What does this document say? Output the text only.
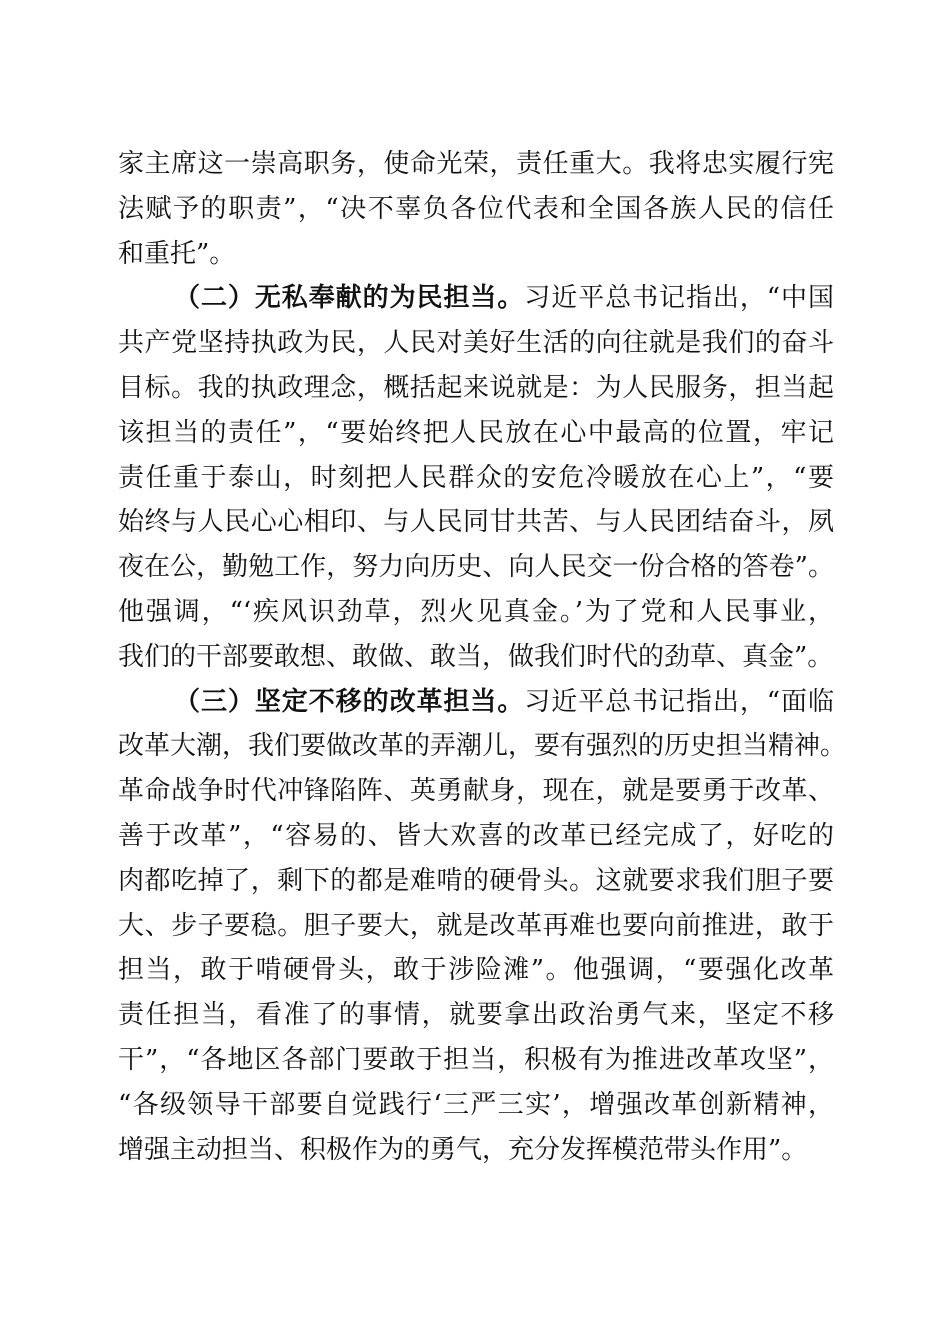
家主席这一崇高职务，使命光荣，责任重大。我将忠实履行宪
法赋予的职责”，“决不辜负各位代表和全国各族人民的信任
和重托”。
（二）无私奉献的为民担当。习近平总书记指出，“中国
共产党坚持执政为民，人民对美好生活的向往就是我们的奋斗
目标。我的执政理念，概括起来说就是：为人民服务，担当起
该担当的责任”，“要始终把人民放在心中最高的位置，牢记
责任重于泰山，时刻把人民群众的安危冷暖放在心上”，“要
始终与人民心心相印、与人民同甘共苦、与人民团结奋斗，夙
夜在公，勤勉工作，努力向历史、向人民交一份合格的答卷”。
他强调，“‘疾风识劲草，烈火见真金。’为了党和人民事业，
我们的干部要敢想、敢做、敢当，做我们时代的劲草、真金”。
（三）坚定不移的改革担当。习近平总书记指出，“面临
改革大潮，我们要做改革的弄潮儿，要有强烈的历史担当精神。
革命战争时代冲锋陷阵、英勇献身，现在，就是要勇于改革、
善于改革”，“容易的、皆大欢喜的改革已经完成了，好吃的
肉都吃掉了，剩下的都是难啃的硬骨头。这就要求我们胆子要
大、步子要稳。胆子要大，就是改革再难也要向前推进，敢于
担当，敢于啃硬骨头，敢于涉险滩”。他强调，“要强化改革
责任担当，看准了的事情，就要拿出政治勇气来，坚定不移
干”，“各地区各部门要敢于担当，积极有为推进改革攻坚”，
“各级领导干部要自觉践行‘三严三实’，增强改革创新精神，
增强主动担当、积极作为的勇气，充分发挥模范带头作用”。
